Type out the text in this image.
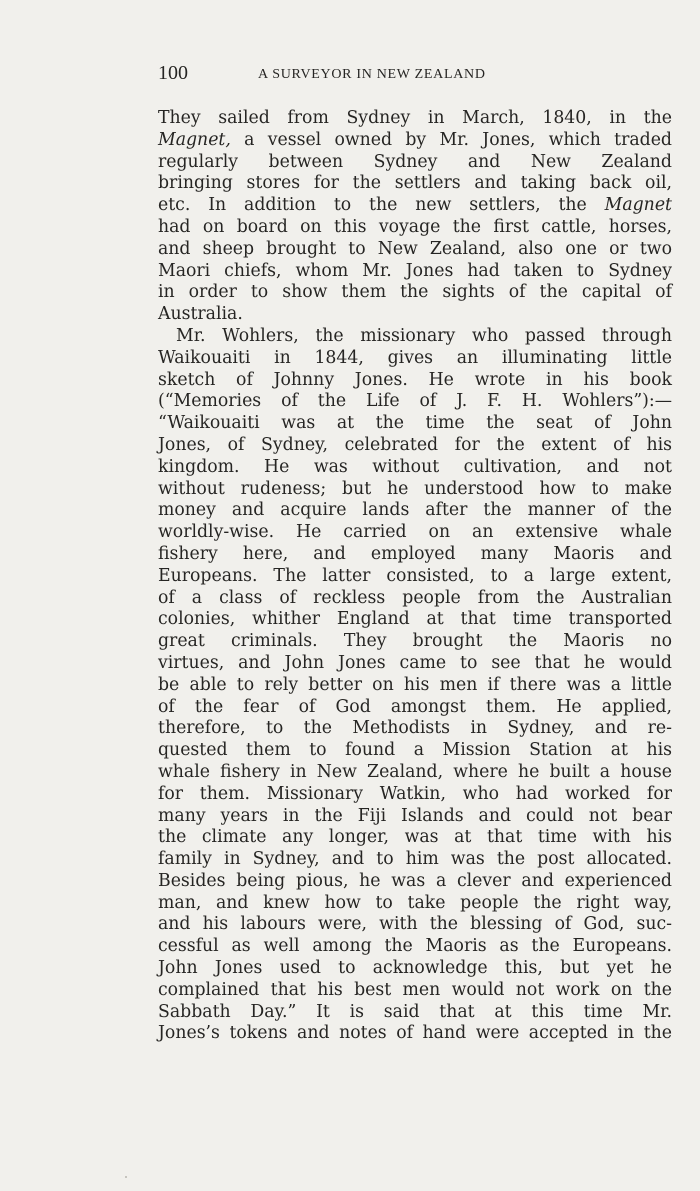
100	A SURVEYOR IN NEW ZEALAND
They sailed from Sydney in March, 1840, in the
Magnet, a vessel owned by Mr. Jones, which traded
regularly between Sydney and New Zealand
bringing stores for the settlers and taking back oil,
etc. In addition to the new settlers, the Magnet
had on board on this voyage the first cattle, horses,
and sheep brought to New Zealand, also one or two
Maori chiefs, whom Mr. Jones had taken to Sydney
in order to show them the sights of the capital of
Australia.
Mr. Wohlers, the missionary who passed through
Waikouaiti in 1844, gives an illuminating little
sketch of Johnny Jones. He wrote in his book
(“Memories of the Life of J. F. H. Wohlers”):—
“Waikouaiti was at the time the seat of John
Jones, of Sydney, celebrated for the extent of his
kingdom. He was without cultivation, and not
without rudeness; but he understood how to make
money and acquire lands after the manner of the
worldly-wise. He carried on an extensive whale
fishery here, and employed many Maoris and
Europeans. The latter consisted, to a large extent,
of a class of reckless people from the Australian
colonies, whither England at that time transported
great criminals. They brought the Maoris no
virtues, and John Jones came to see that he would
be able to rely better on his men if there was a little
of the fear of God amongst them. He applied,
therefore, to the Methodists in Sydney, and re-
quested them to found a Mission Station at his
whale fishery in New Zealand, where he built a house
for them. Missionary Watkin, who had worked for
many years in the Fiji Islands and could not bear
the climate any longer, was at that time with his
family in Sydney, and to him was the post allocated.
Besides being pious, he was a clever and experienced
man, and knew how to take people the right way,
and his labours were, with the blessing of God, suc-
cessful as well among the Maoris as the Europeans.
John Jones used to acknowledge this, but yet he
complained that his best men would not work on the
Sabbath Day.” It is said that at this time Mr.
Jones’s tokens and notes of hand were accepted in the
